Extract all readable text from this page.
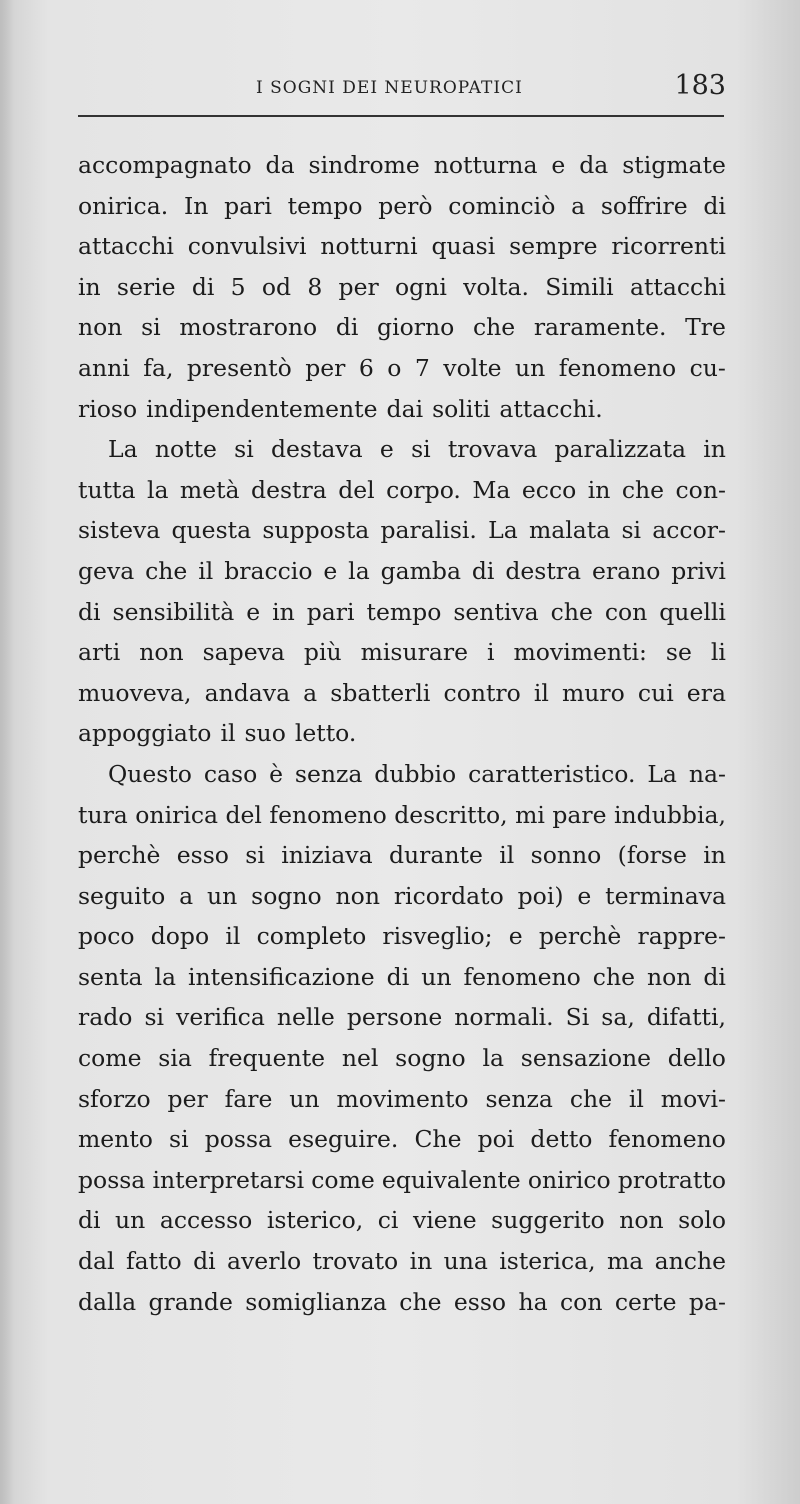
I SOGNI DEI NEUROPATICI	183
accompagnato da sindrome notturna e da stigmate
onirica. In pari tempo però cominciò a soffrire di
attacchi convulsivi notturni quasi sempre ricorrenti
in serie di 5 od 8 per ogni volta. Simili attacchi
non si mostrarono di giorno che raramente. Tre
anni fa, presentò per 6 o 7 volte un fenomeno cu-
rioso indipendentemente dai soliti attacchi.
La notte si destava e si trovava paralizzata in
tutta la metà destra del corpo. Ma ecco in che con-
sisteva questa supposta paralisi. La malata si accor-
geva che il braccio e la gamba di destra erano privi
di sensibilità e in pari tempo sentiva che con quelli
arti non sapeva più misurare i movimenti: se li
muoveva, andava a sbatterli contro il muro cui era
appoggiato il suo letto.
Questo caso è senza dubbio caratteristico. La na-
tura onirica del fenomeno descritto, mi pare indubbia,
perchè esso si iniziava durante il sonno (forse in
seguito a un sogno non ricordato poi) e terminava
poco dopo il completo risveglio; e perchè rappre-
senta la intensificazione di un fenomeno che non di
rado si verifica nelle persone normali. Si sa, difatti,
come sia frequente nel sogno la sensazione dello
sforzo per fare un movimento senza che il movi-
mento si possa eseguire. Che poi detto fenomeno
possa interpretarsi come equivalente onirico protratto
di un accesso isterico, ci viene suggerito non solo
dal fatto di averlo trovato in una isterica, ma anche
dalla grande somiglianza che esso ha con certe pa-
